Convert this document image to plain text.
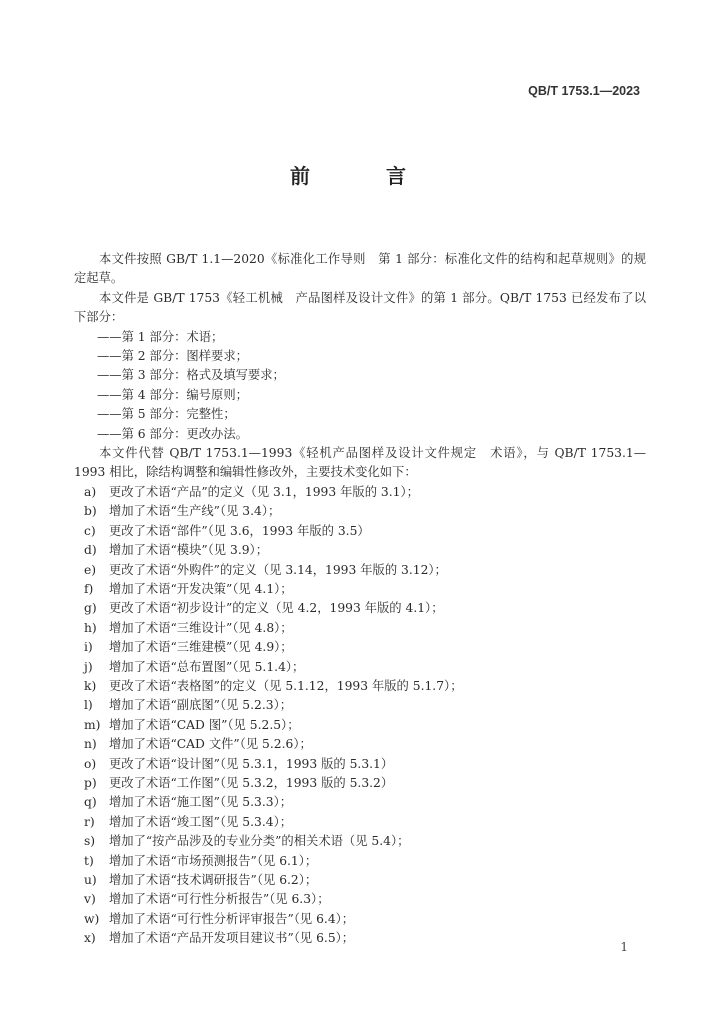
QB/T 1753.1—2023
前　言

本文件按照 GB/T 1.1—2020《标准化工作导则　第 1 部分：标准化文件的结构和起草规则》的规定起草。

本文件是 GB/T 1753《轻工机械　产品图样及设计文件》的第 1 部分。QB/T 1753 已经发布了以下部分：

——第 1 部分：术语；
——第 2 部分：图样要求；
——第 3 部分：格式及填写要求；
——第 4 部分：编号原则；
——第 5 部分：完整性；
——第 6 部分：更改办法。

本文件代替 QB/T 1753.1—1993《轻机产品图样及设计文件规定　术语》，与 QB/T 1753.1—1993 相比，除结构调整和编辑性修改外，主要技术变化如下：

a)	更改了术语“产品”的定义（见 3.1，1993 年版的 3.1）；
b)	增加了术语“生产线”（见 3.4）；
c)	更改了术语“部件”（见 3.6，1993 年版的 3.5）
d)	增加了术语“模块”（见 3.9）；
e)	更改了术语“外购件”的定义（见 3.14，1993 年版的 3.12）；
f)	增加了术语“开发决策”（见 4.1）；
g)	更改了术语“初步设计”的定义（见 4.2，1993 年版的 4.1）；
h) 增加了术语“三维设计”（见 4.8）；
i)	增加了术语“三维建模”（见 4.9）；
j)	增加了术语“总布置图”（见 5.1.4）；
k)	更改了术语“表格图”的定义（见 5.1.12，1993 年版的 5.1.7）；
l)	增加了术语“副底图”（见 5.2.3）；
m) 增加了术语“CAD 图”（见 5.2.5）；
n) 增加了术语“CAD 文件”（见 5.2.6）；
o)	更改了术语“设计图”（见 5.3.1，1993 版的 5.3.1）
p)	更改了术语“工作图”（见 5.3.2，1993 版的 5.3.2）
q)	增加了术语“施工图”（见 5.3.3）；
r)	增加了术语“竣工图”（见 5.3.4）；
s)	增加了“按产品涉及的专业分类”的相关术语（见 5.4）；
t)	增加了术语“市场预测报告”（见 6.1）；
u) 增加了术语“技术调研报告”（见 6.2）；
v)	增加了术语“可行性分析报告”（见 6.3）；
w) 增加了术语“可行性分析评审报告”（见 6.4）；
x)	增加了术语“产品开发项目建议书”（见 6.5）；
1
